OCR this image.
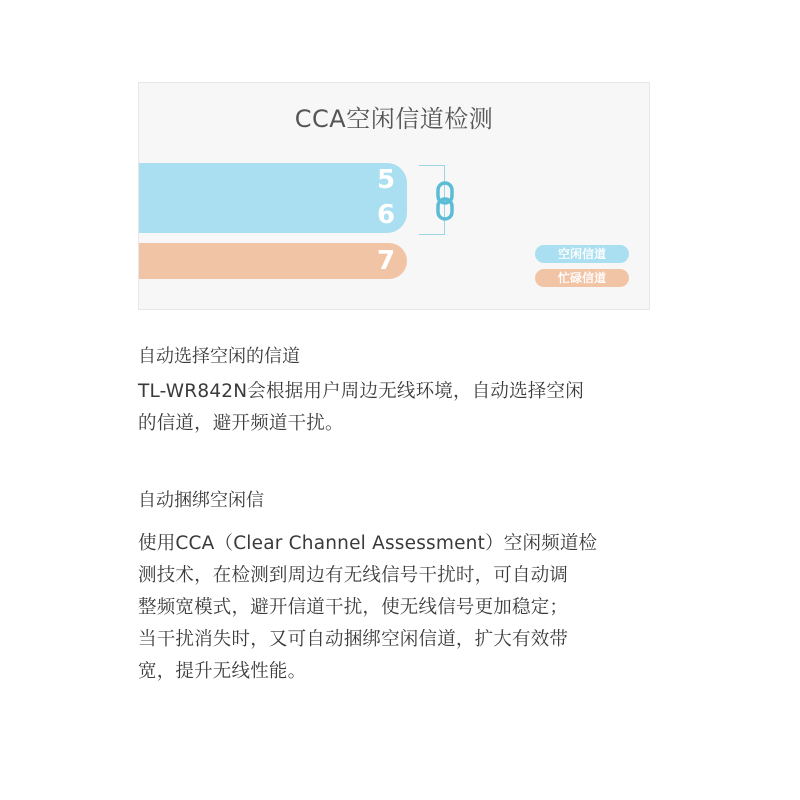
CCA空闲信道检测
5
6
7	空闲信道
忙碌信道
自动选择空闲的信道
TL-WR842N会根据用户周边无线环境，自动选择空闲
的信道，避开频道干扰。
自动捆绑空闲信
使用CCA（Clear Channel Assessment）空闲频道检
测技术，在检测到周边有无线信号干扰时，可自动调
整频宽模式，避开信道干扰，使无线信号更加稳定；
当干扰消失时，又可自动捆绑空闲信道，扩大有效带
宽，提升无线性能。
